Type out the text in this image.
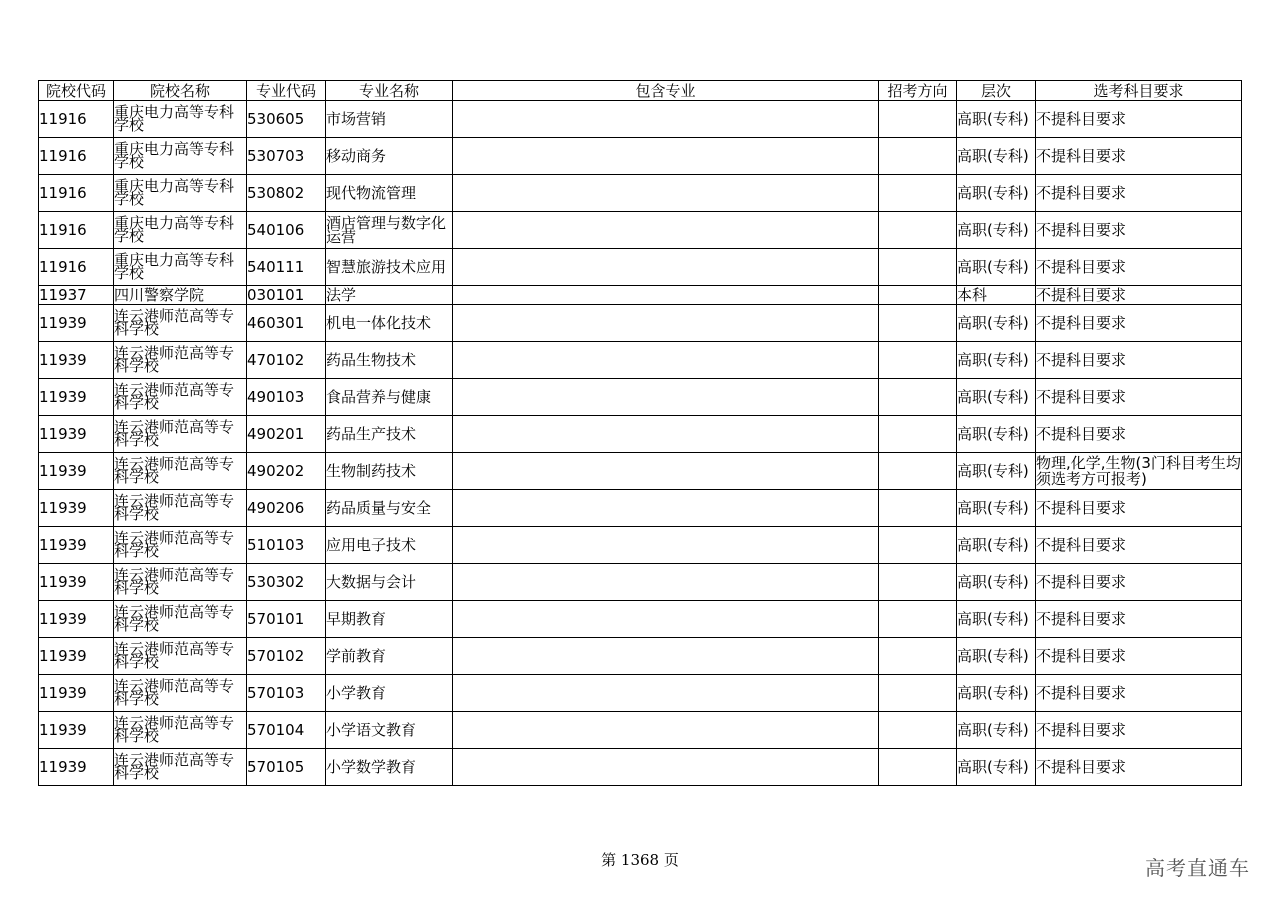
院校代码	院校名称	专业代码	专业名称	包含专业	招考方向	层次	选考科目要求
11916	重庆电力高等专科学校	530605	市场营销			高职(专科)	不提科目要求
11916	重庆电力高等专科学校	530703	移动商务			高职(专科)	不提科目要求
11916	重庆电力高等专科学校	530802	现代物流管理			高职(专科)	不提科目要求
11916	重庆电力高等专科学校	540106	酒店管理与数字化运营			高职(专科)	不提科目要求
11916	重庆电力高等专科学校	540111	智慧旅游技术应用			高职(专科)	不提科目要求
11937	四川警察学院	030101	法学			本科	不提科目要求
11939	连云港师范高等专科学校	460301	机电一体化技术			高职(专科)	不提科目要求
11939	连云港师范高等专科学校	470102	药品生物技术			高职(专科)	不提科目要求
11939	连云港师范高等专科学校	490103	食品营养与健康			高职(专科)	不提科目要求
11939	连云港师范高等专科学校	490201	药品生产技术			高职(专科)	不提科目要求
11939	连云港师范高等专科学校	490202	生物制药技术			高职(专科)	物理,化学,生物(3门科目考生均须选考方可报考)
11939	连云港师范高等专科学校	490206	药品质量与安全			高职(专科)	不提科目要求
11939	连云港师范高等专科学校	510103	应用电子技术			高职(专科)	不提科目要求
11939	连云港师范高等专科学校	530302	大数据与会计			高职(专科)	不提科目要求
11939	连云港师范高等专科学校	570101	早期教育			高职(专科)	不提科目要求
11939	连云港师范高等专科学校	570102	学前教育			高职(专科)	不提科目要求
11939	连云港师范高等专科学校	570103	小学教育			高职(专科)	不提科目要求
11939	连云港师范高等专科学校	570104	小学语文教育			高职(专科)	不提科目要求
11939	连云港师范高等专科学校	570105	小学数学教育			高职(专科)	不提科目要求
第 1368 页	高考直通车
